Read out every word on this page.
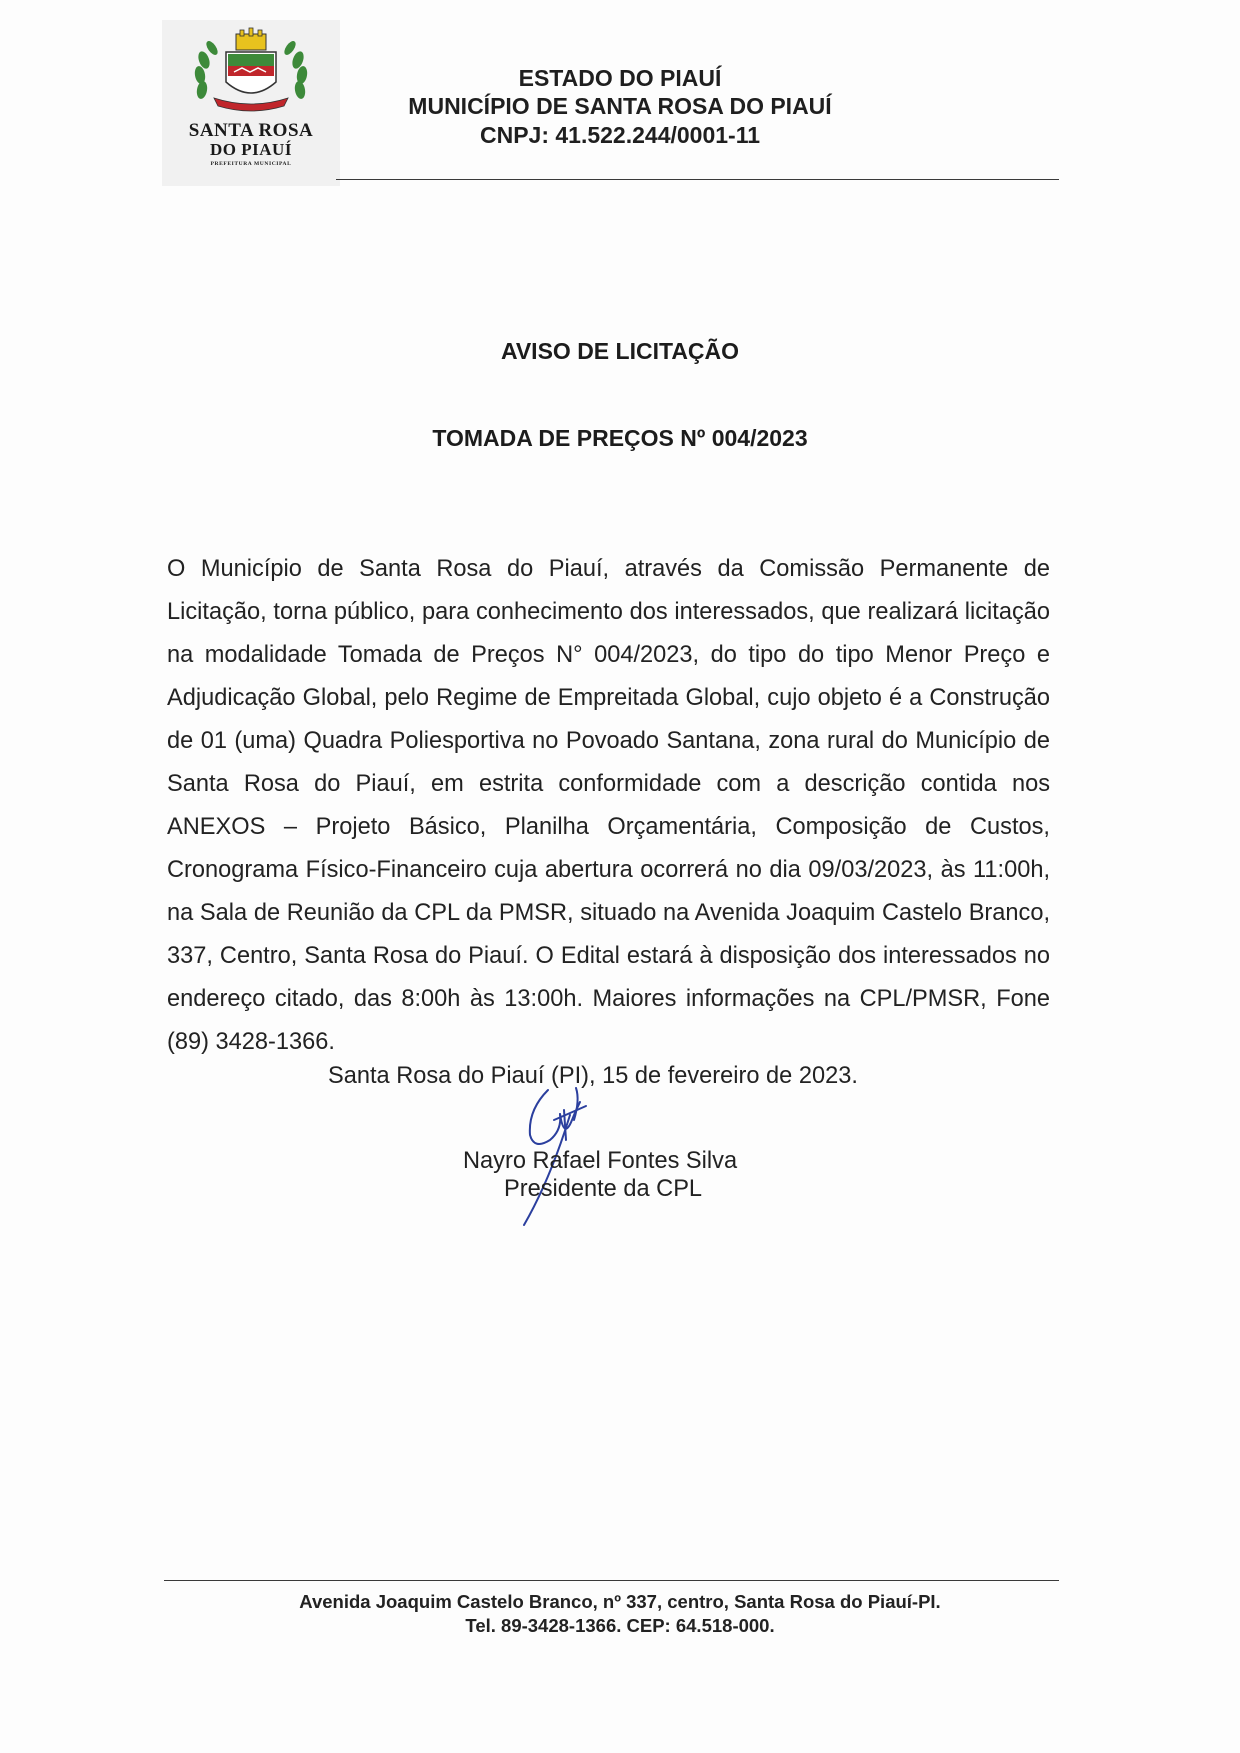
SANTA ROSA
DO PIAUÍ
PREFEITURA MUNICIPAL
ESTADO DO PIAUÍ
MUNICÍPIO DE SANTA ROSA DO PIAUÍ
CNPJ: 41.522.244/0001-11
AVISO DE LICITAÇÃO
TOMADA DE PREÇOS Nº 004/2023
O Município de Santa Rosa do Piauí, através da Comissão Permanente de Licitação, torna público, para conhecimento dos interessados, que realizará licitação na modalidade Tomada de Preços N° 004/2023, do tipo do tipo Menor Preço e Adjudicação Global, pelo Regime de Empreitada Global, cujo objeto é a Construção de 01 (uma) Quadra Poliesportiva no Povoado Santana, zona rural do Município de Santa Rosa do Piauí, em estrita conformidade com a descrição contida nos ANEXOS – Projeto Básico, Planilha Orçamentária, Composição de Custos, Cronograma Físico-Financeiro cuja abertura ocorrerá no dia 09/03/2023, às 11:00h, na Sala de Reunião da CPL da PMSR, situado na Avenida Joaquim Castelo Branco, 337, Centro, Santa Rosa do Piauí. O Edital estará à disposição dos interessados no endereço citado, das 8:00h às 13:00h. Maiores informações na CPL/PMSR, Fone (89) 3428-1366.
Santa Rosa do Piauí (PI), 15 de fevereiro de 2023.
Nayro Rafael Fontes Silva
Presidente da CPL
Avenida Joaquim Castelo Branco, nº 337, centro, Santa Rosa do Piauí-PI.
Tel. 89-3428-1366. CEP: 64.518-000.
